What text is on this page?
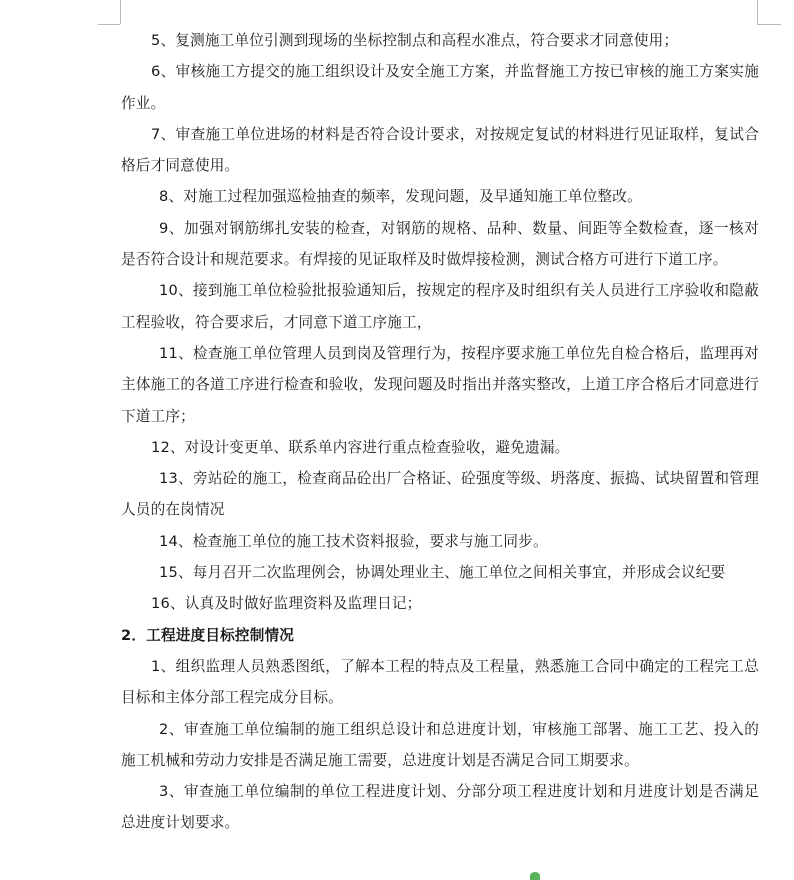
5、复测施工单位引测到现场的坐标控制点和高程水准点，符合要求才同意使用；

6、审核施工方提交的施工组织设计及安全施工方案，并监督施工方按已审核的施工方案实施作业。

7、审查施工单位进场的材料是否符合设计要求，对按规定复试的材料进行见证取样，复试合格后才同意使用。

8、对施工过程加强巡检抽查的频率，发现问题，及早通知施工单位整改。

9、加强对钢筋绑扎安装的检查，对钢筋的规格、品种、数量、间距等全数检查，逐一核对是否符合设计和规范要求。有焊接的见证取样及时做焊接检测，测试合格方可进行下道工序。

10、接到施工单位检验批报验通知后，按规定的程序及时组织有关人员进行工序验收和隐蔽工程验收，符合要求后，才同意下道工序施工，

11、检查施工单位管理人员到岗及管理行为，按程序要求施工单位先自检合格后，监理再对主体施工的各道工序进行检查和验收，发现问题及时指出并落实整改，上道工序合格后才同意进行下道工序；

12、对设计变更单、联系单内容进行重点检查验收，避免遗漏。

13、旁站砼的施工，检查商品砼出厂合格证、砼强度等级、坍落度、振捣、试块留置和管理人员的在岗情况

14、检查施工单位的施工技术资料报验，要求与施工同步。

15、每月召开二次监理例会，协调处理业主、施工单位之间相关事宜，并形成会议纪要

16、认真及时做好监理资料及监理日记；

2．工程进度目标控制情况

1、组织监理人员熟悉图纸，了解本工程的特点及工程量，熟悉施工合同中确定的工程完工总目标和主体分部工程完成分目标。

2、审查施工单位编制的施工组织总设计和总进度计划，审核施工部署、施工工艺、投入的施工机械和劳动力安排是否满足施工需要，总进度计划是否满足合同工期要求。

3、审查施工单位编制的单位工程进度计划、分部分项工程进度计划和月进度计划是否满足总进度计划要求。
